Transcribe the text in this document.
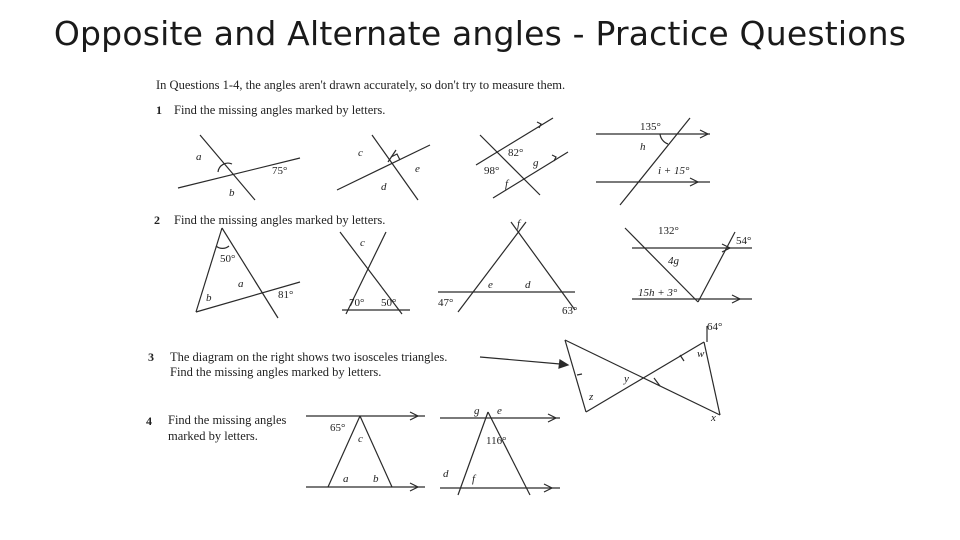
Opposite and Alternate angles - Practice Questions
In Questions 1-4, the angles aren't drawn accurately, so don't try to measure them.
1 Find the missing angles marked by letters.
a
b
75°
c
d
e
82°
98°
g
f
135°
h
i + 15°
2 Find the missing angles marked by letters.
50°
a
b	81°
c
70° 50°
f
e	d
47°
63°
132°
54°
4g
15h + 3°
3 The diagram on the right shows two isosceles triangles.
Find the missing angles marked by letters.
64°
w
y
z
x
4 Find the missing angles
marked by letters.
65°
c
a b
g e
116°
d f
